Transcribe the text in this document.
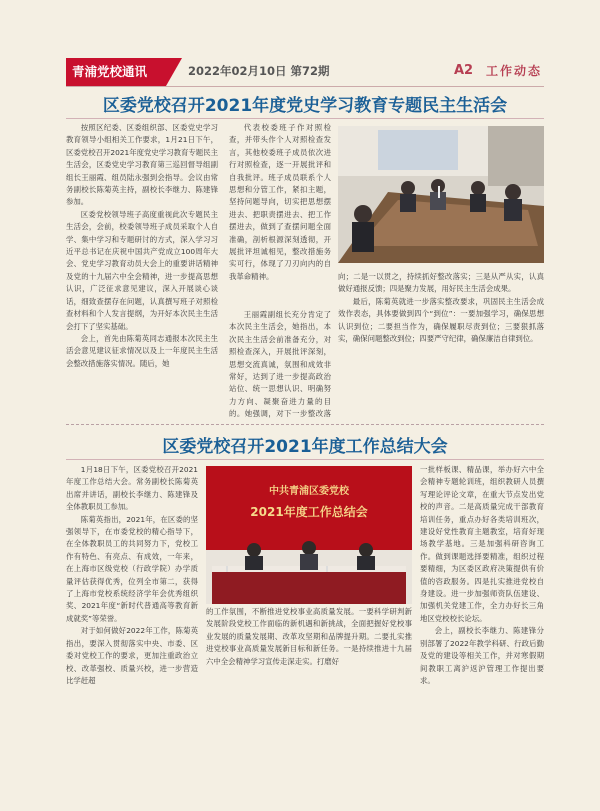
青浦党校通讯	2022年02月10日 第72期	A2 工作动态
区委党校召开2021年度党史学习教育专题民主生活会

按照区纪委、区委组织部、区委党史学习教育领导小组相关工作要求，1月21日下午，区委党校召开2021年度党史学习教育专题民主生活会，区委党史学习教育第三巡回督导组副组长王丽霞、组员陆永强到会指导。会议由常务副校长陈菊英主持，副校长李继力、陈建锋参加。

区委党校领导班子高度重视此次专题民主生活会，会前，校委领导班子成员采取个人自学、集中学习和专题研讨的方式，深入学习习近平总书记在庆祝中国共产党成立100周年大会、党史学习教育动员大会上的重要讲话精神及党的十九届六中全会精神，进一步提高思想认识，广泛征求意见建议，深入开展谈心谈话，细致查摆存在问题，认真撰写班子对照检查材料和个人发言提纲，为开好本次民主生活会打下了坚实基础。

会上，首先由陈菊英同志通报本次民主生活会意见建议征求情况以及上一年度民主生活会整改措施落实情况。随后，她

代表校委班子作对照检查，并带头作个人对照检查发言，其他校委班子成员依次进行对照检查，逐一开展批评和自我批评。班子成员联系个人思想和分管工作，紧扣主题，坚持问题导向，切实把思想摆进去、把职责摆进去、把工作摆进去，做到了查摆问题全面准确，剖析根源深刻透彻，开展批评坦诚相见，整改措施务实可行，体现了刀刃向内的自我革命精神。

王丽霞副组长充分肯定了本次民主生活会，她指出，本次民主生活会前准备充分，对照检查深入，开展批评深刻，思想交流真诚，氛围和成效非常好，达到了进一步提高政治站位、统一思想认识、明确努力方向、凝聚奋进力量的目的。她强调，对下一步整改落

向；二是一以贯之，持续抓好整改落实；三是从严从实，认真做好通报反馈；四是聚力发展，用好民主生活会成果。

最后，陈菊英就进一步落实整改要求，巩固民主生活会成效作表态，具体要做到四个“到位”：一要加强学习，确保思想认识到位；二要担当作为，确保履职尽责到位；三要狠抓落实，确保问题整改到位；四要严守纪律，确保廉洁自律到位。

区委党校召开2021年度工作总结大会

1月18日下午，区委党校召开2021年度工作总结大会。常务副校长陈菊英出席并讲话，副校长李继力、陈建锋及全体教职员工参加。

陈菊英指出，2021年，在区委的坚强领导下，在市委党校的精心指导下，在全体教职员工的共同努力下，党校工作有特色、有亮点、有成效，一年来，在上海市区级党校（行政学院）办学质量评估获得优秀，位列全市第二，获得了上海市党校系统经济学年会优秀组织奖、2021年度“新时代普通高等教育新成就奖”等荣誉。

对于如何做好2022年工作，陈菊英指出，要深入贯彻落实中央、市委、区委对党校工作的要求，更加注重政治立校、改革强校、质量兴校，进一步营造比学赶超

中共青浦区委党校
2021年度工作总结会

的工作氛围，不断推进党校事业高质量发展。一要科学研判新发展阶段党校工作面临的新机遇和新挑战，全面把握好党校事业发展的质量发展期、改革攻坚期和品牌提升期。二要扎实推进党校事业高质量发展新目标和新任务。一是持续推进十九届六中全会精神学习宣传走深走实。打磨好

一批样板课、精品课，举办好六中全会精神专题轮训班，组织教研人员撰写理论评论文章，在重大节点发出党校的声音。二是高质量完成干部教育培训任务，重点办好各类培训班次，建设好党性教育主题教室，培育好现场教学基地。三是加强科研咨询工作。做到课题选择要精准，组织过程要精细，为区委区政府决策提供有价值的咨政服务。四是扎实推进党校自身建设。进一步加强师资队伍建设、加强机关党建工作，全力办好长三角地区党校校长论坛。

会上，副校长李继力、陈建锋分别部署了2022年教学科研、行政后勤及党的建设等相关工作，并对寒假期间教职工离沪返沪管理工作提出要求。
